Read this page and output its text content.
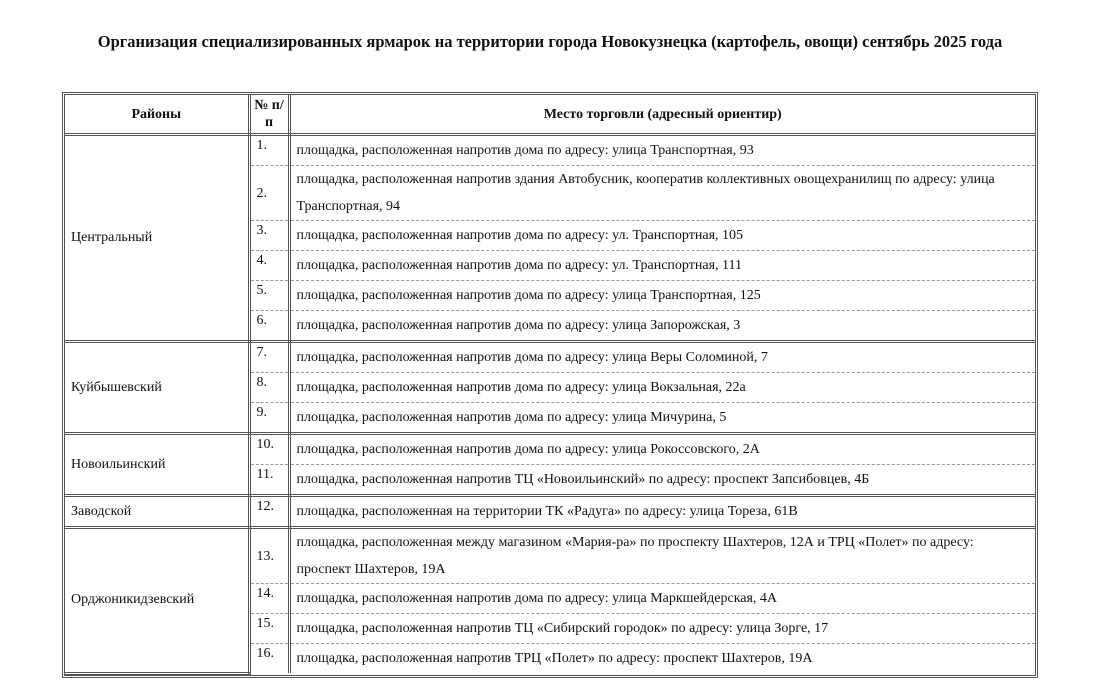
Организация специализированных ярмарок на территории города Новокузнецка (картофель, овощи) сентябрь 2025 года
Районы	№ п/п	Место торговли (адресный ориентир)
Центральный	1.	площадка, расположенная напротив дома по адресу: улица Транспортная, 93
	2.	площадка, расположенная напротив здания Автобусник, кооператив коллективных овощехранилищ по адресу: улица Транспортная, 94
	3.	площадка, расположенная напротив дома по адресу: ул. Транспортная, 105
	4.	площадка, расположенная напротив дома по адресу: ул. Транспортная, 111
	5.	площадка, расположенная напротив дома по адресу: улица Транспортная, 125
	6.	площадка, расположенная напротив дома по адресу: улица Запорожская, 3
Куйбышевский	7.	площадка, расположенная напротив дома по адресу: улица Веры Соломиной, 7
	8.	площадка, расположенная напротив дома по адресу: улица Вокзальная, 22а
	9.	площадка, расположенная напротив дома по адресу: улица Мичурина, 5
Новоильинский	10.	площадка, расположенная напротив дома по адресу: улица Рокоссовского, 2А
	11.	площадка, расположенная напротив ТЦ «Новоильинский» по адресу: проспект Запсибовцев, 4Б
Заводской	12.	площадка, расположенная на территории ТК «Радуга» по адресу: улица Тореза, 61В
Орджоникидзевский	13.	площадка, расположенная между магазином «Мария-ра» по проспекту Шахтеров, 12А и ТРЦ «Полет» по адресу: проспект Шахтеров, 19А
	14.	площадка, расположенная напротив дома по адресу: улица Маркшейдерская, 4А
	15.	площадка, расположенная напротив ТЦ «Сибирский городок» по адресу: улица Зорге, 17
	16.	площадка, расположенная напротив ТРЦ «Полет» по адресу: проспект Шахтеров, 19А
